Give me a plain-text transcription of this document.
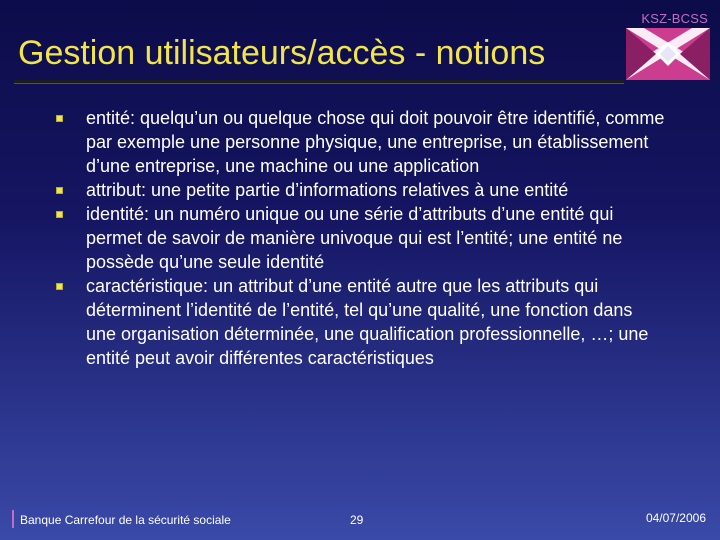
KSZ-BCSS
Gestion utilisateurs/accès - notions
entité: quelqu’un ou quelque chose qui doit pouvoir être identifié, comme par exemple une personne physique, une entreprise, un établissement d’une entreprise, une machine ou une application
attribut: une petite partie d’informations relatives à une entité
identité: un numéro unique ou une série d’attributs d’une entité qui permet de savoir de manière univoque qui est l’entité; une entité ne possède qu’une seule identité
caractéristique: un attribut d’une entité autre que les attributs qui déterminent l’identité de l’entité, tel qu’une qualité, une fonction dans une organisation déterminée, une qualification professionnelle, …; une entité peut avoir différentes caractéristiques
Banque Carrefour de la sécurité sociale	29	04/07/2006
